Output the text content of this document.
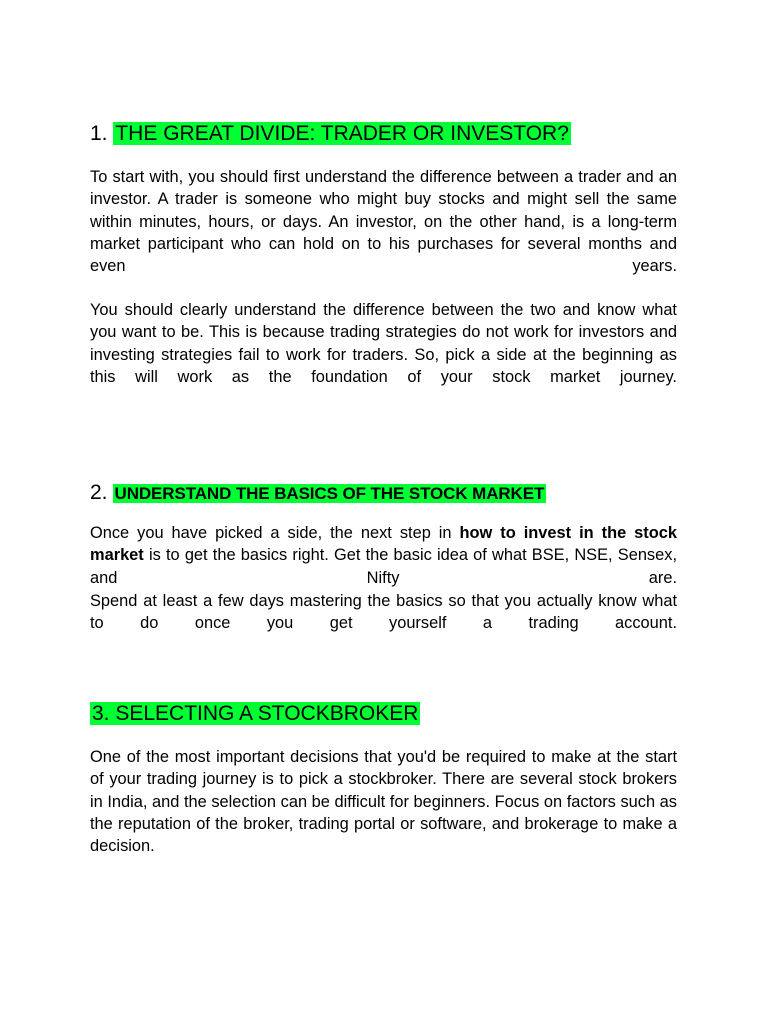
1. THE GREAT DIVIDE: TRADER OR INVESTOR?

To start with, you should first understand the difference between a trader and an investor. A trader is someone who might buy stocks and might sell the same within minutes, hours, or days. An investor, on the other hand, is a long-term market participant who can hold on to his purchases for several months and even years.

You should clearly understand the difference between the two and know what you want to be. This is because trading strategies do not work for investors and investing strategies fail to work for traders. So, pick a side at the beginning as this will work as the foundation of your stock market journey.

2. UNDERSTAND THE BASICS OF THE STOCK MARKET

Once you have picked a side, the next step in how to invest in the stock market is to get the basics right. Get the basic idea of what BSE, NSE, Sensex, and Nifty are.

Spend at least a few days mastering the basics so that you actually know what to do once you get yourself a trading account.

3. SELECTING A STOCKBROKER

One of the most important decisions that you'd be required to make at the start of your trading journey is to pick a stockbroker. There are several stock brokers in India, and the selection can be difficult for beginners. Focus on factors such as the reputation of the broker, trading portal or software, and brokerage to make a decision.
